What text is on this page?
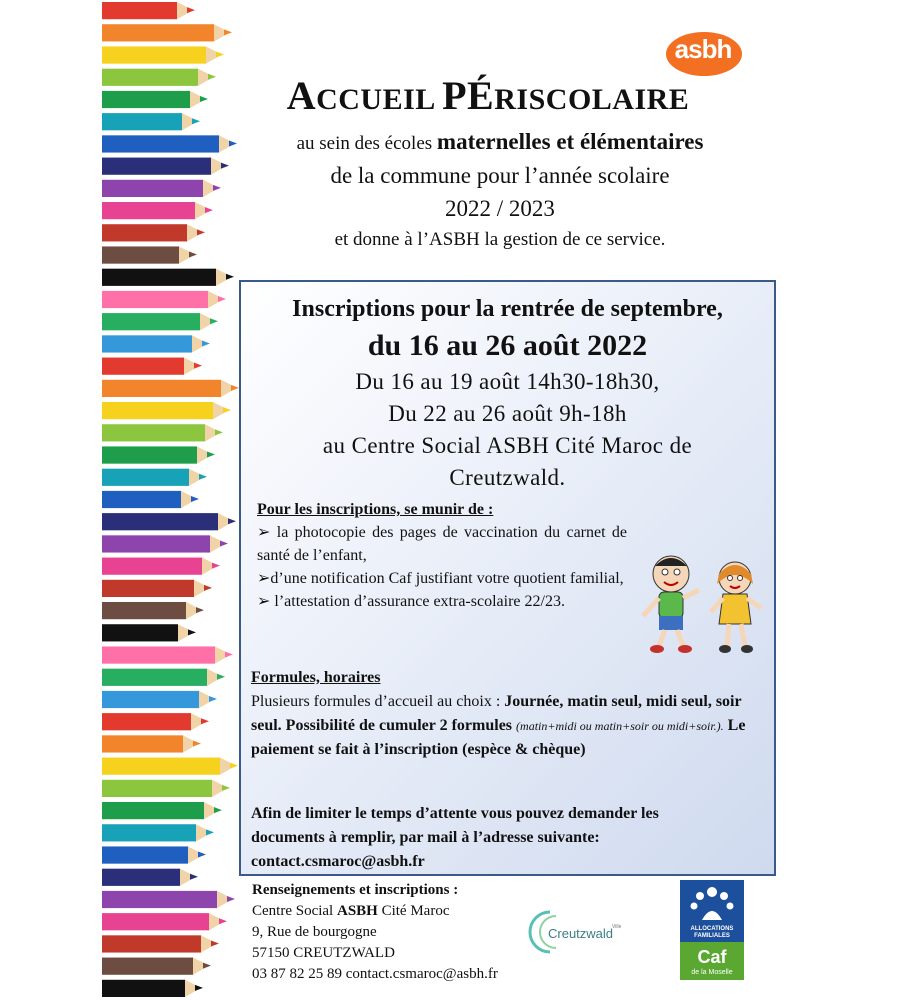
asbh
ACCUEIL PÉRISCOLAIRE
au sein des écoles maternelles et élémentaires
de la commune pour l’année scolaire
2022 / 2023
et donne à l’ASBH la gestion de ce service.
Inscriptions pour la rentrée de septembre,
du 16 au 26 août 2022
Du 16 au 19 août 14h30-18h30,
Du 22 au 26 août 9h-18h
au Centre Social ASBH Cité Maroc de
Creutzwald.
Pour les inscriptions, se munir de :
➢ la photocopie des pages de vaccination du carnet de santé de l’enfant,
➢d’une notification Caf justifiant votre quotient familial,
➢ l’attestation d’assurance extra-scolaire 22/23.
Formules, horaires
Plusieurs formules d’accueil au choix : Journée, matin seul, midi seul, soir seul. Possibilité de cumuler 2 formules (matin+midi ou matin+soir ou midi+soir.). Le paiement se fait à l’inscription (espèce & chèque)
Afin de limiter le temps d’attente vous pouvez demander les
documents à remplir, par mail à l’adresse suivante:
contact.csmaroc@asbh.fr
Renseignements et inscriptions :
Centre Social ASBH Cité Maroc
9, Rue de bourgogne
57150 CREUTZWALD
03 87 82 25 89 contact.csmaroc@asbh.fr
Creutzwald
Ville	ALLOCATIONS
FAMILIALES
Caf
de la Moselle
